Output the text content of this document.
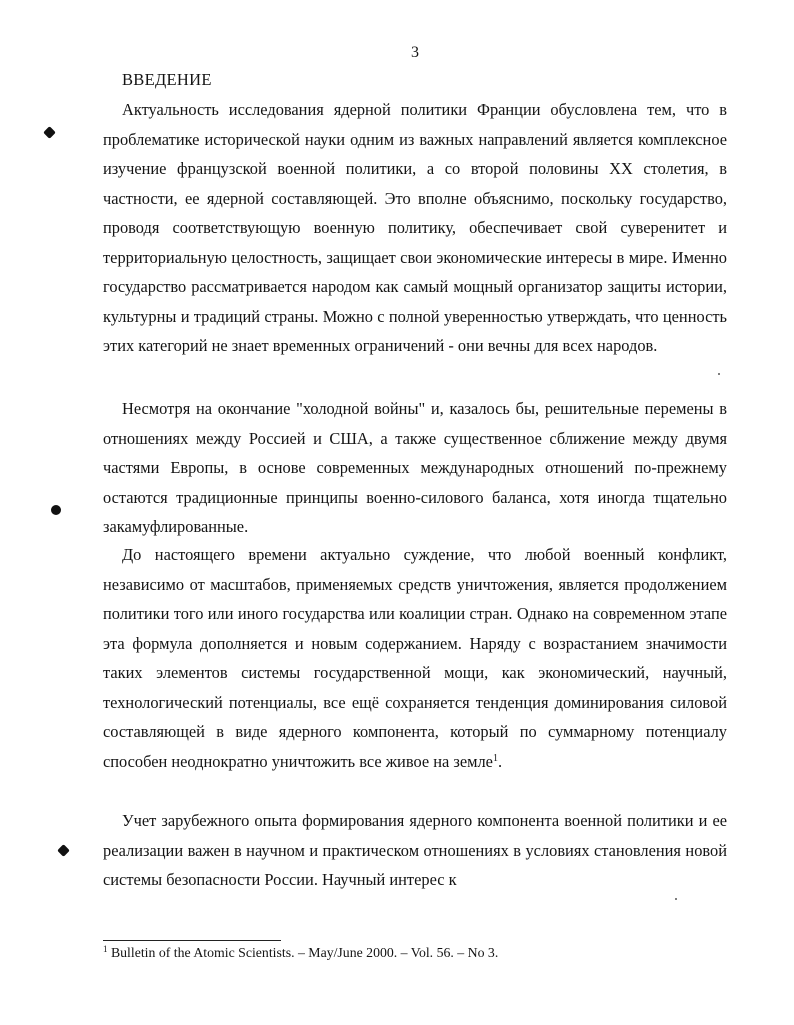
3
ВВЕДЕНИЕ

Актуальность исследования ядерной политики Франции обусловлена тем, что в проблематике исторической науки одним из важных направлений является комплексное изучение французской военной политики, а со второй половины XX столетия, в частности, ее ядерной составляющей. Это вполне объяснимо, поскольку государство, проводя соответствующую военную политику, обеспечивает свой суверенитет и территориальную целостность, защищает свои экономические интересы в мире. Именно государство рассматривается народом как самый мощный организатор защиты истории, культурны и традиций страны. Можно с полной уверенностью утверждать, что ценность этих категорий не знает временных ограничений - они вечны для всех народов.

Несмотря на окончание "холодной войны" и, казалось бы, решительные перемены в отношениях между Россией и США, а также существенное сближение между двумя частями Европы, в основе современных международных отношений по-прежнему остаются традиционные принципы военно-силового баланса, хотя иногда тщательно закамуфлированные.

До настоящего времени актуально суждение, что любой военный конфликт, независимо от масштабов, применяемых средств уничтожения, является продолжением политики того или иного государства или коалиции стран. Однако на современном этапе эта формула дополняется и новым содержанием. Наряду с возрастанием значимости таких элементов системы государственной мощи, как экономический, научный, технологический потенциалы, все ещё сохраняется тенденция доминирования силовой составляющей в виде ядерного компонента, который по суммарному потенциалу способен неоднократно уничтожить все живое на земле$^1$.

Учет зарубежного опыта формирования ядерного компонента военной политики и ее реализации важен в научном и практическом отношениях в условиях становления новой системы безопасности России. Научный интерес к

$^1$ Bulletin of the Atomic Scientists. – May/June 2000. – Vol. 56. – No 3.
